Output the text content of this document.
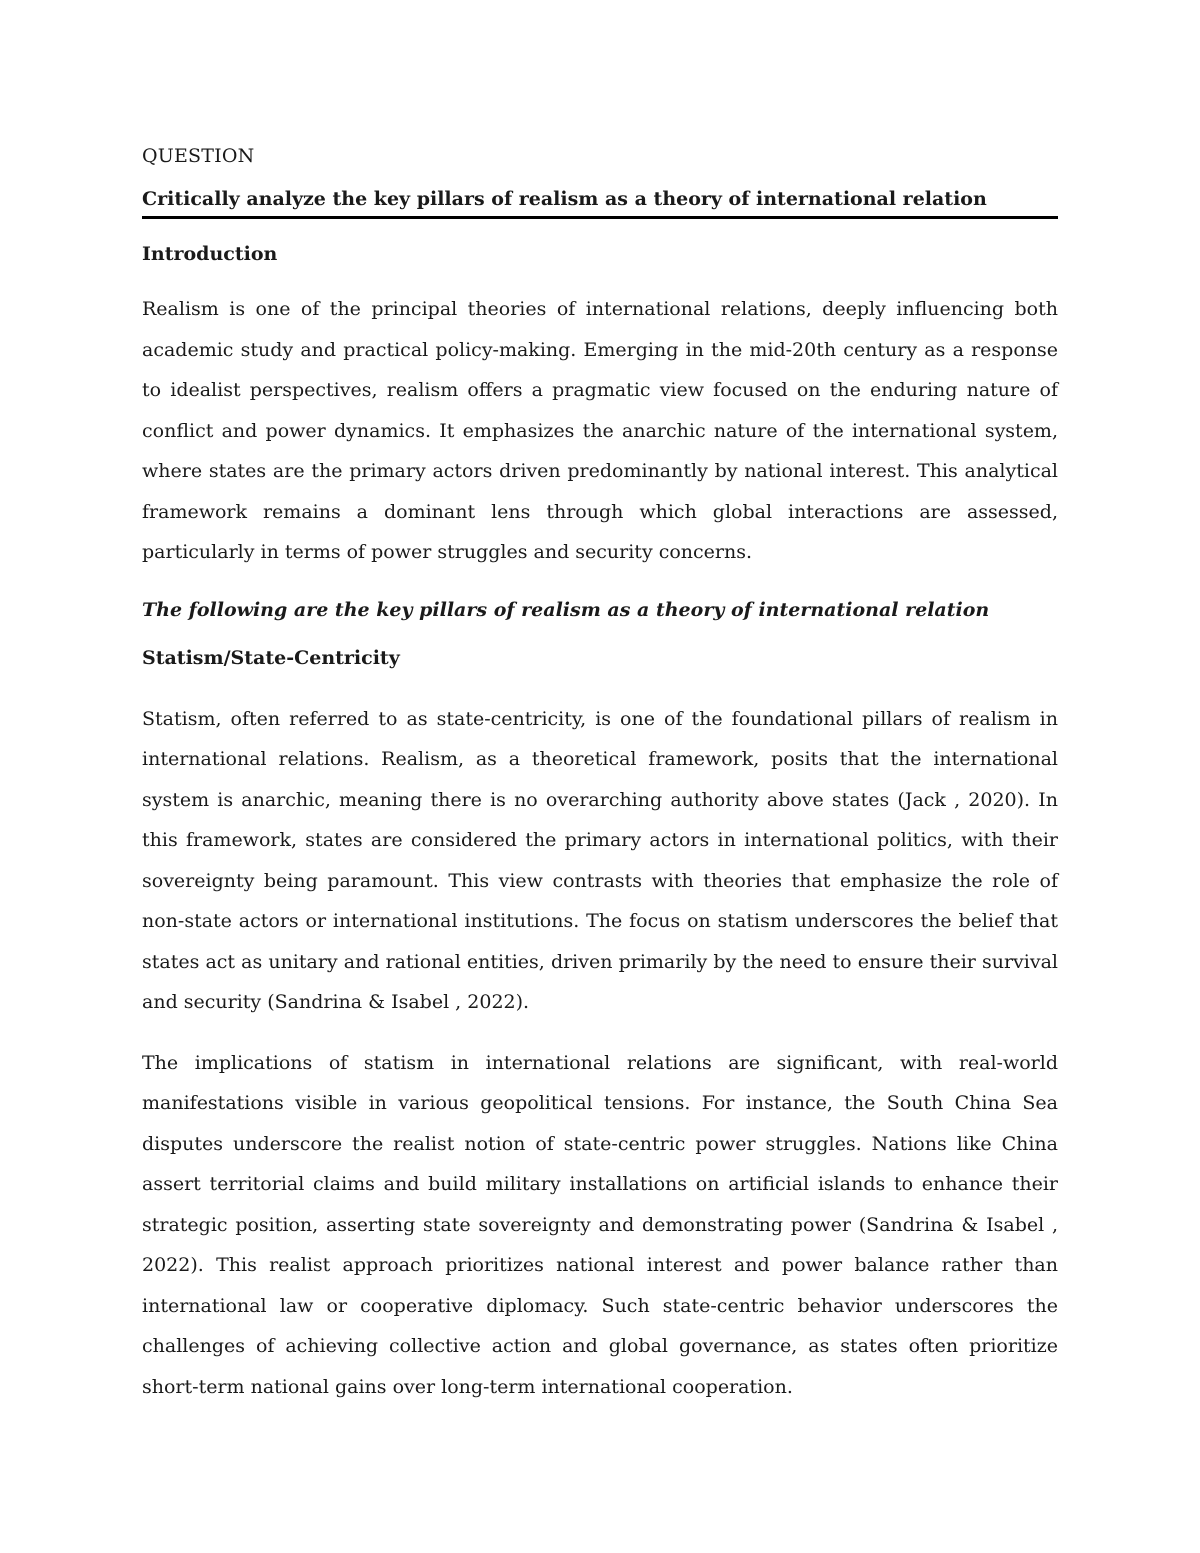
QUESTION

Critically analyze the key pillars of realism as a theory of international relation

Introduction

Realism is one of the principal theories of international relations, deeply influencing both academic study and practical policy-making. Emerging in the mid-20th century as a response to idealist perspectives, realism offers a pragmatic view focused on the enduring nature of conflict and power dynamics. It emphasizes the anarchic nature of the international system, where states are the primary actors driven predominantly by national interest. This analytical framework remains a dominant lens through which global interactions are assessed, particularly in terms of power struggles and security concerns.

The following are the key pillars of realism as a theory of international relation

Statism/State-Centricity

Statism, often referred to as state-centricity, is one of the foundational pillars of realism in international relations. Realism, as a theoretical framework, posits that the international system is anarchic, meaning there is no overarching authority above states (Jack , 2020). In this framework, states are considered the primary actors in international politics, with their sovereignty being paramount. This view contrasts with theories that emphasize the role of non-state actors or international institutions. The focus on statism underscores the belief that states act as unitary and rational entities, driven primarily by the need to ensure their survival and security (Sandrina & Isabel , 2022).

The implications of statism in international relations are significant, with real-world manifestations visible in various geopolitical tensions. For instance, the South China Sea disputes underscore the realist notion of state-centric power struggles. Nations like China assert territorial claims and build military installations on artificial islands to enhance their strategic position, asserting state sovereignty and demonstrating power (Sandrina & Isabel , 2022). This realist approach prioritizes national interest and power balance rather than international law or cooperative diplomacy. Such state-centric behavior underscores the challenges of achieving collective action and global governance, as states often prioritize short-term national gains over long-term international cooperation.
